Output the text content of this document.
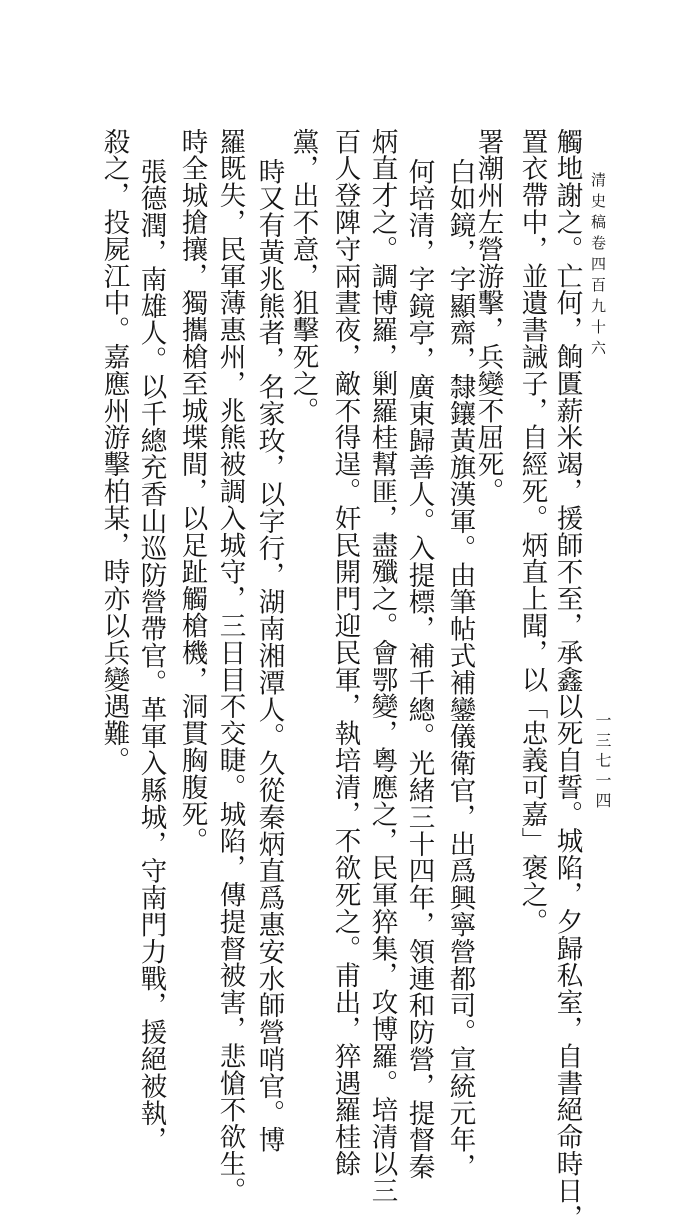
清史稿卷四百九十六
一三七一四
觸地謝之。亡何，餉匱薪米竭，援師不至，承鑫以死自誓。城陷，夕歸私室，自書絕命時日，
置衣帶中，並遺書誡子，自經死。炳直上聞，以「忠義可嘉」褒之。
署潮州左營游擊，兵變不屈死。
白如鏡，字顯齋，隸鑲黃旗漢軍。由筆帖式補鑾儀衛官，出爲興寧營都司。宣統元年，
何培清，字鏡亭，廣東歸善人。入提標，補千總。光緒三十四年，領連和防營，提督秦
炳直才之。調博羅，剿羅桂幫匪，盡殲之。會鄂變，粵應之，民軍猝集，攻博羅。培清以三
百人登陴守兩晝夜，敵不得逞。奸民開門迎民軍，執培清，不欲死之。甫出，猝遇羅桂餘
黨，出不意，狙擊死之。
時又有黃兆熊者，名家玫，以字行，湖南湘潭人。久從秦炳直爲惠安水師營哨官。博
羅既失，民軍薄惠州，兆熊被調入城守，三日目不交睫。城陷，傳提督被害，悲愴不欲生。
時全城搶攘，獨攜槍至城堞間，以足趾觸槍機，洞貫胸腹死。
張德潤，南雄人。以千總充香山巡防營帶官。革軍入縣城，守南門力戰，援絕被執，
殺之，投屍江中。嘉應州游擊柏某，時亦以兵變遇難。
